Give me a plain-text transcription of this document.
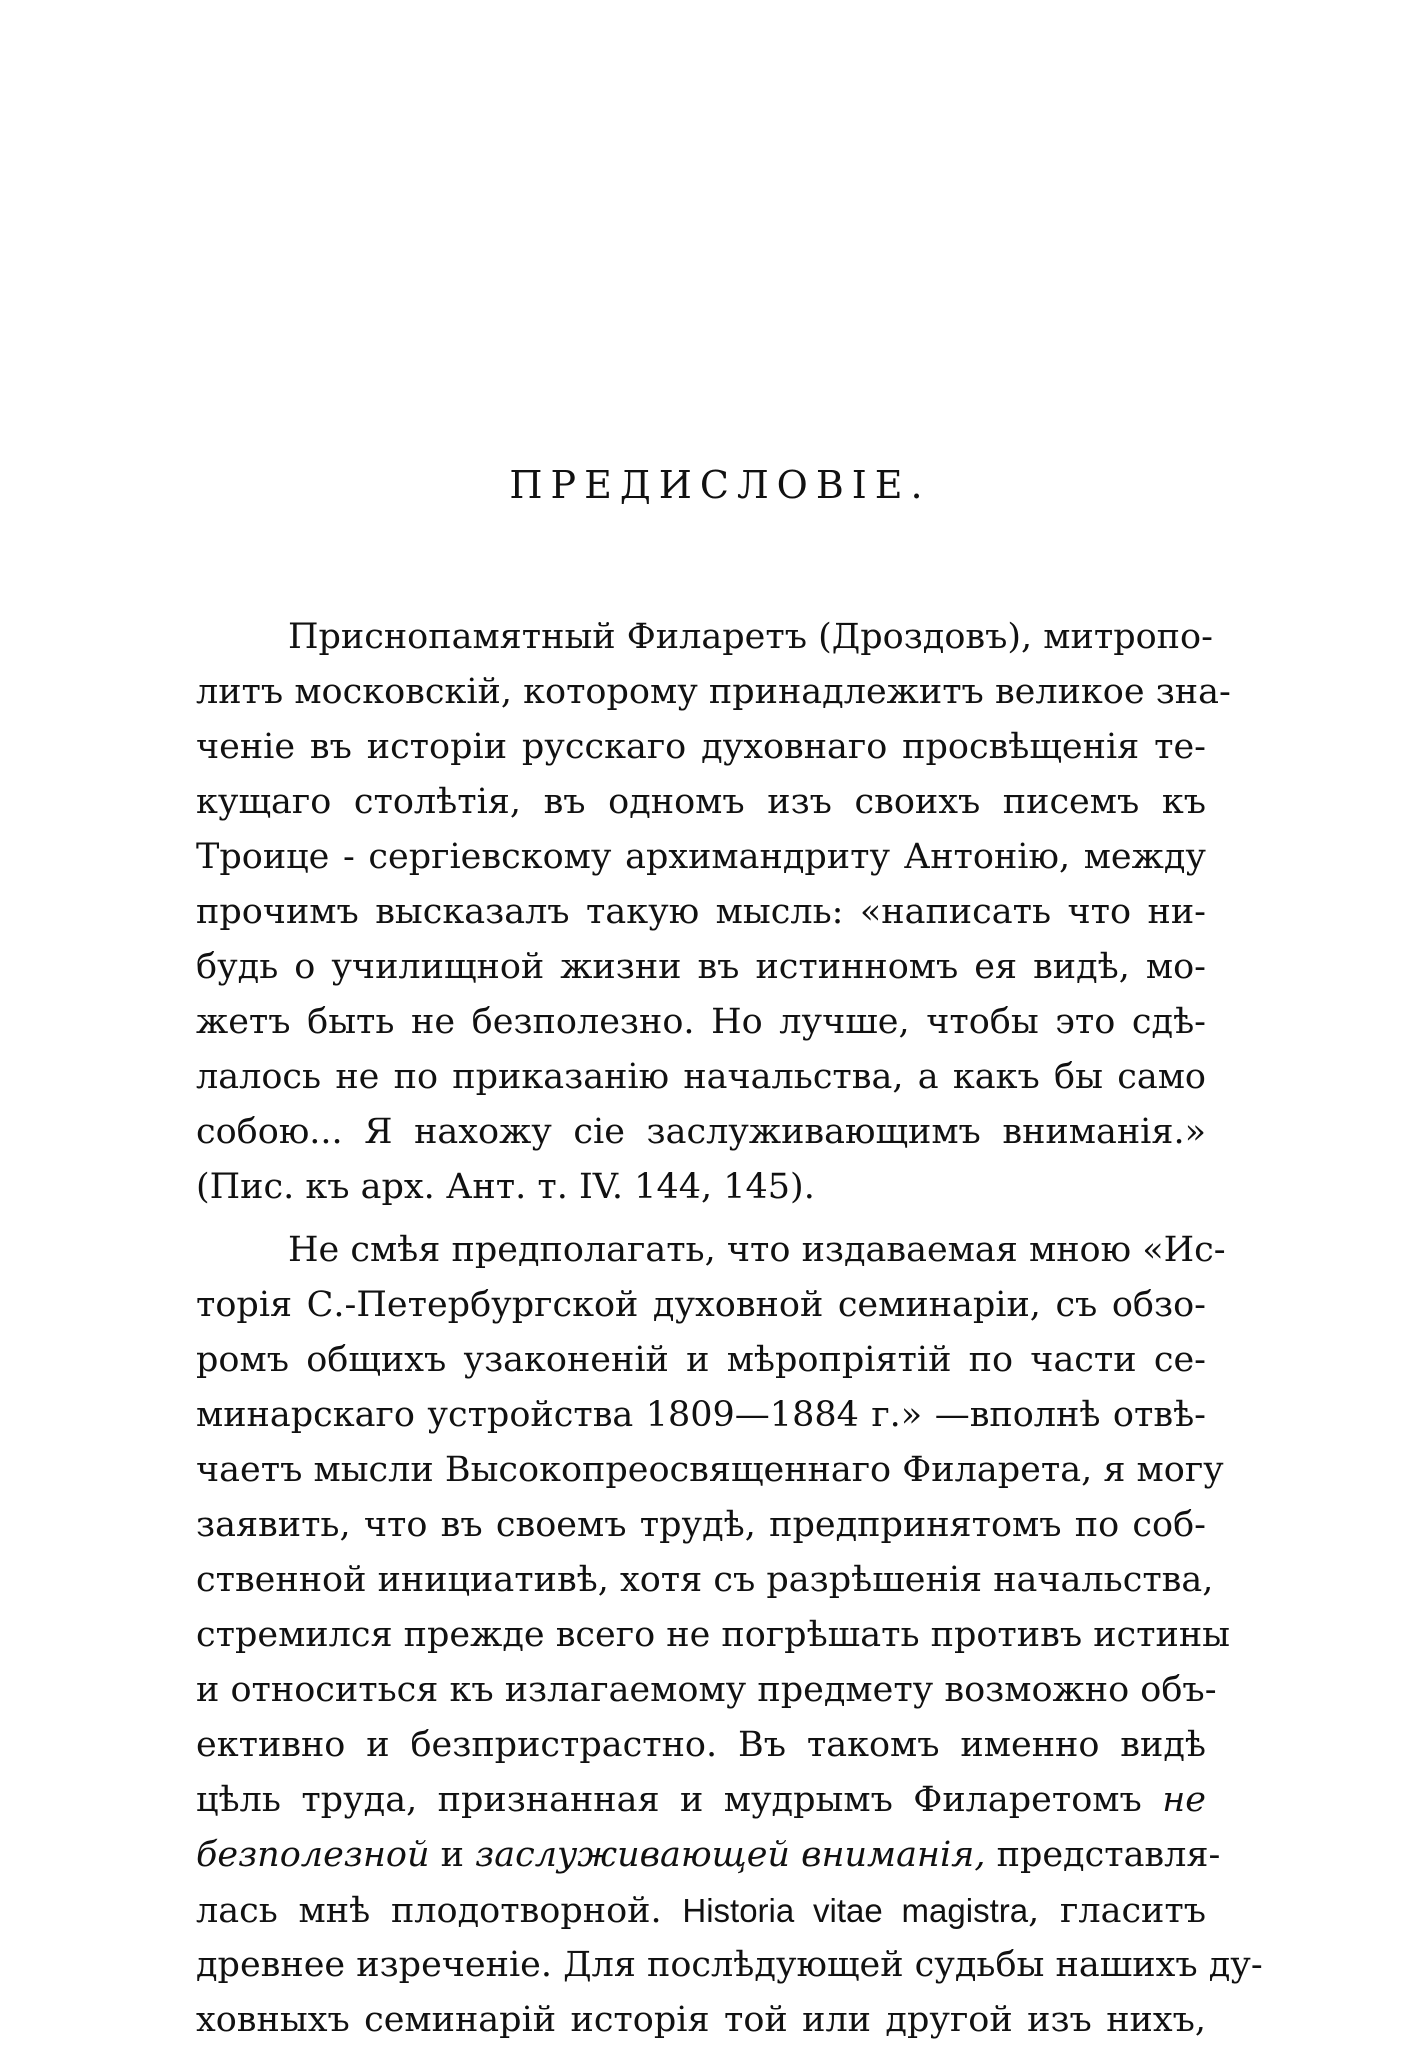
ПРЕДИСЛОВІЕ.
Приснопамятный Филаретъ (Дроздовъ), митропо-
литъ московскій, которому принадлежитъ великое зна-
ченіе въ исторіи русскаго духовнаго просвѣщенія те-
кущаго столѣтія, въ одномъ изъ своихъ писемъ къ
Троице - сергіевскому архимандриту Антонію, между
прочимъ высказалъ такую мысль: «написать что ни-
будь о училищной жизни въ истинномъ ея видѣ, мо-
жетъ быть не безполезно. Но лучше, чтобы это сдѣ-
лалось не по приказанію начальства, а какъ бы само
собою... Я нахожу сіе заслуживающимъ вниманія.»
(Пис. къ арх. Ант. т. IV. 144, 145).
Не смѣя предполагать, что издаваемая мною «Ис-
торія С.-Петербургской духовной семинаріи, съ обзо-
ромъ общихъ узаконеній и мѣропріятій по части се-
минарскаго устройства 1809—1884 г.» —вполнѣ отвѣ-
чаетъ мысли Высокопреосвященнаго Филарета, я могу
заявить, что въ своемъ трудѣ, предпринятомъ по соб-
ственной инициативѣ, хотя съ разрѣшенія начальства,
стремился прежде всего не погрѣшать противъ истины
и относиться къ излагаемому предмету возможно объ-
ективно и безпристрастно. Въ такомъ именно видѣ
цѣль труда, признанная и мудрымъ Филаретомъ не
безполезной и заслуживающей вниманія, представля-
лась мнѣ плодотворной. Historia vitae magistra, гласитъ
древнее изреченіе. Для послѣдующей судьбы нашихъ ду-
ховныхъ семинарій исторія той или другой изъ нихъ,
